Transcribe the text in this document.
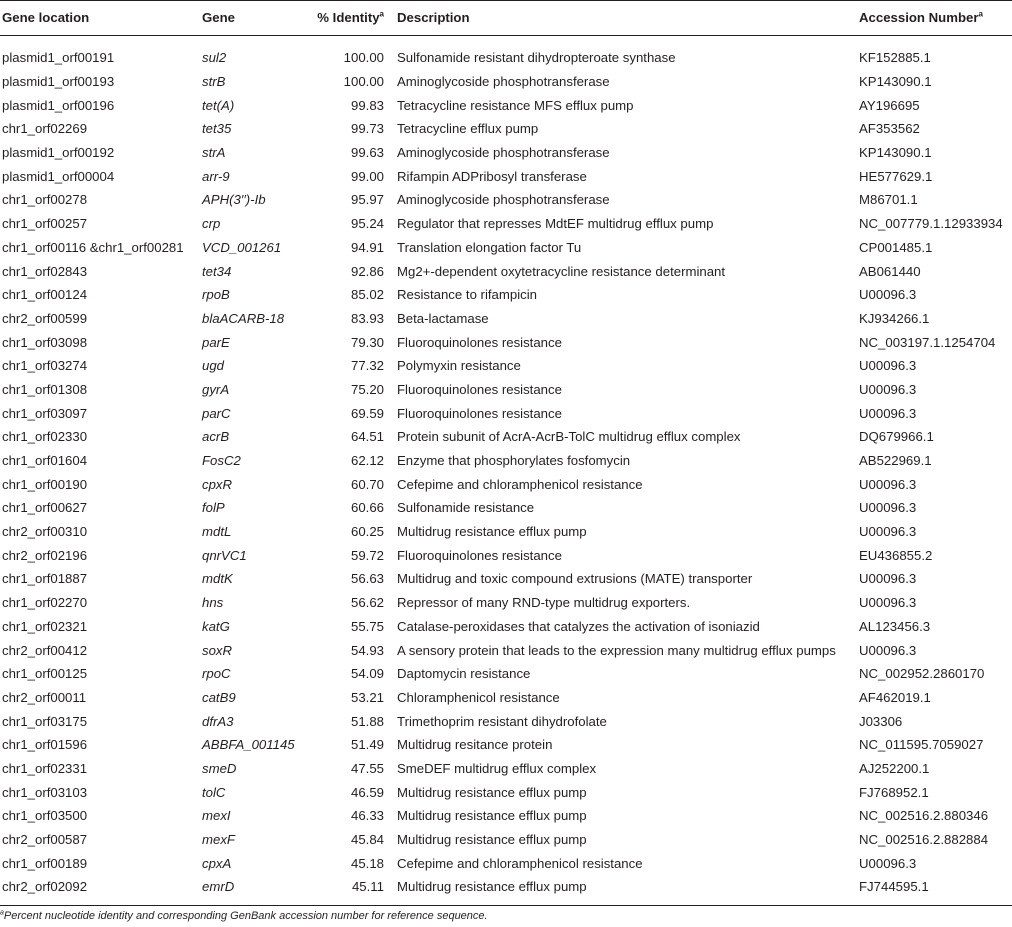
Gene location	Gene	% Identity$^a$	Description	Accession Number$^a$
plasmid1_orf00191	sul2	100.00	Sulfonamide resistant dihydropteroate synthase	KF152885.1
plasmid1_orf00193	strB	100.00	Aminoglycoside phosphotransferase	KP143090.1
plasmid1_orf00196	tet(A)	99.83	Tetracycline resistance MFS efflux pump	AY196695
chr1_orf02269	tet35	99.73	Tetracycline efflux pump	AF353562
plasmid1_orf00192	strA	99.63	Aminoglycoside phosphotransferase	KP143090.1
plasmid1_orf00004	arr-9	99.00	Rifampin ADPribosyl transferase	HE577629.1
chr1_orf00278	APH(3′′)-Ib	95.97	Aminoglycoside phosphotransferase	M86701.1
chr1_orf00257	crp	95.24	Regulator that represses MdtEF multidrug efflux pump	NC_007779.1.12933934
chr1_orf00116 &chr1_orf00281	VCD_001261	94.91	Translation elongation factor Tu	CP001485.1
chr1_orf02843	tet34	92.86	Mg2+-dependent oxytetracycline resistance determinant	AB061440
chr1_orf00124	rpoB	85.02	Resistance to rifampicin	U00096.3
chr2_orf00599	blaACARB-18	83.93	Beta-lactamase	KJ934266.1
chr1_orf03098	parE	79.30	Fluoroquinolones resistance	NC_003197.1.1254704
chr1_orf03274	ugd	77.32	Polymyxin resistance	U00096.3
chr1_orf01308	gyrA	75.20	Fluoroquinolones resistance	U00096.3
chr1_orf03097	parC	69.59	Fluoroquinolones resistance	U00096.3
chr1_orf02330	acrB	64.51	Protein subunit of AcrA-AcrB-TolC multidrug efflux complex	DQ679966.1
chr1_orf01604	FosC2	62.12	Enzyme that phosphorylates fosfomycin	AB522969.1
chr1_orf00190	cpxR	60.70	Cefepime and chloramphenicol resistance	U00096.3
chr1_orf00627	folP	60.66	Sulfonamide resistance	U00096.3
chr2_orf00310	mdtL	60.25	Multidrug resistance efflux pump	U00096.3
chr2_orf02196	qnrVC1	59.72	Fluoroquinolones resistance	EU436855.2
chr1_orf01887	mdtK	56.63	Multidrug and toxic compound extrusions (MATE) transporter	U00096.3
chr1_orf02270	hns	56.62	Repressor of many RND-type multidrug exporters.	U00096.3
chr1_orf02321	katG	55.75	Catalase-peroxidases that catalyzes the activation of isoniazid	AL123456.3
chr2_orf00412	soxR	54.93	A sensory protein that leads to the expression many multidrug efflux pumps	U00096.3
chr1_orf00125	rpoC	54.09	Daptomycin resistance	NC_002952.2860170
chr2_orf00011	catB9	53.21	Chloramphenicol resistance	AF462019.1
chr1_orf03175	dfrA3	51.88	Trimethoprim resistant dihydrofolate	J03306
chr1_orf01596	ABBFA_001145	51.49	Multidrug resitance protein	NC_011595.7059027
chr1_orf02331	smeD	47.55	SmeDEF multidrug efflux complex	AJ252200.1
chr1_orf03103	tolC	46.59	Multidrug resistance efflux pump	FJ768952.1
chr1_orf03500	mexI	46.33	Multidrug resistance efflux pump	NC_002516.2.880346
chr2_orf00587	mexF	45.84	Multidrug resistance efflux pump	NC_002516.2.882884
chr1_orf00189	cpxA	45.18	Cefepime and chloramphenicol resistance	U00096.3
chr2_orf02092	emrD	45.11	Multidrug resistance efflux pump	FJ744595.1
$^a$Percent nucleotide identity and corresponding GenBank accession number for reference sequence.
